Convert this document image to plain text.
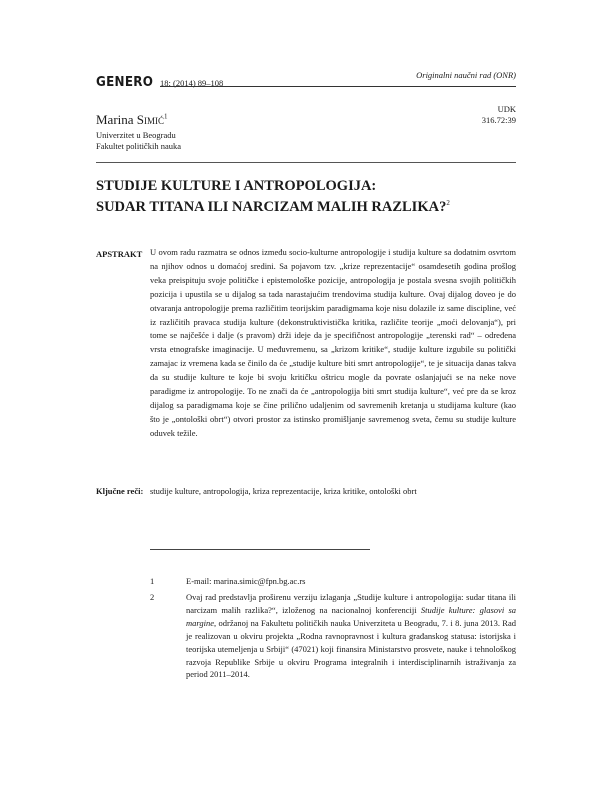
GENERO 18: (2014) 89–108
Originalni naučni rad (ONR)
UDK
316.72:39
Marina Simić$^1$
Univerzitet u Beogradu
Fakultet političkih nauka
STUDIJE KULTURE I ANTROPOLOGIJA:
SUDAR TITANA ILI NARCIZAM MALIH RAZLIKA?$^2$
APSTRAKT U ovom radu razmatra se odnos između socio-kulturne antropologije i studija kulture sa dodatnim osvrtom na njihov odnos u domaćoj sredini. Sa pojavom tzv. „krize reprezentacije“ osamdesetih godina prošlog veka preispituju svoje političke i epistemološke pozicije, antropologija je postala svesna svojih političkih pozicija i upustila se u dijalog sa tada narastajućim trendovima studija kulture. Ovaj dijalog doveo je do otvaranja antropologije prema različitim teorijskim paradigmama koje nisu dolazile iz same discipline, već iz različitih pravaca studija kulture (dekonstruktivistička kritika, različite teorije „moći delovanja“), pri tome se najčešće i dalje (s pravom) drži ideje da je specifičnost antropologije „terenski rad“ – određena vrsta etnografske imaginacije. U međuvremenu, sa „krizom kritike“, studije kulture izgubile su politički zamajac iz vremena kada se činilo da će „studije kulture biti smrt antropologije“, te je situacija danas takva da su studije kulture te koje bi svoju kritičku oštricu mogle da povrate oslanjajući se na neke nove paradigme iz antropologije. To ne znači da će „antropologija biti smrt studija kulture“, već pre da se kroz dijalog sa paradigmama koje se čine prilično udaljenim od savremenih kretanja u studijama kulture (kao što je „ontološki obrt“) otvori prostor za istinsko promišljanje savremenog sveta, čemu su studije kulture oduvek težile.
Ključne reči: studije kulture, antropologija, kriza reprezentacije, kriza kritike, ontološki obrt
1	E-mail: marina.simic@fpn.bg.ac.rs
2	Ovaj rad predstavlja proširenu verziju izlaganja „Studije kulture i antropologija: sudar titana ili narcizam malih razlika?“, izloženog na nacionalnoj konferenciji Studije kulture: glasovi sa margine, održanoj na Fakultetu političkih nauka Univerziteta u Beogradu, 7. i 8. juna 2013. Rad je realizovan u okviru projekta „Rodna ravnopravnost i kultura građanskog statusa: istorijska i teorijska utemeljenja u Srbiji“ (47021) koji finansira Ministarstvo prosvete, nauke i tehnološkog razvoja Republike Srbije u okviru Programa integralnih i interdisciplinarnih istraživanja za period 2011–2014.
